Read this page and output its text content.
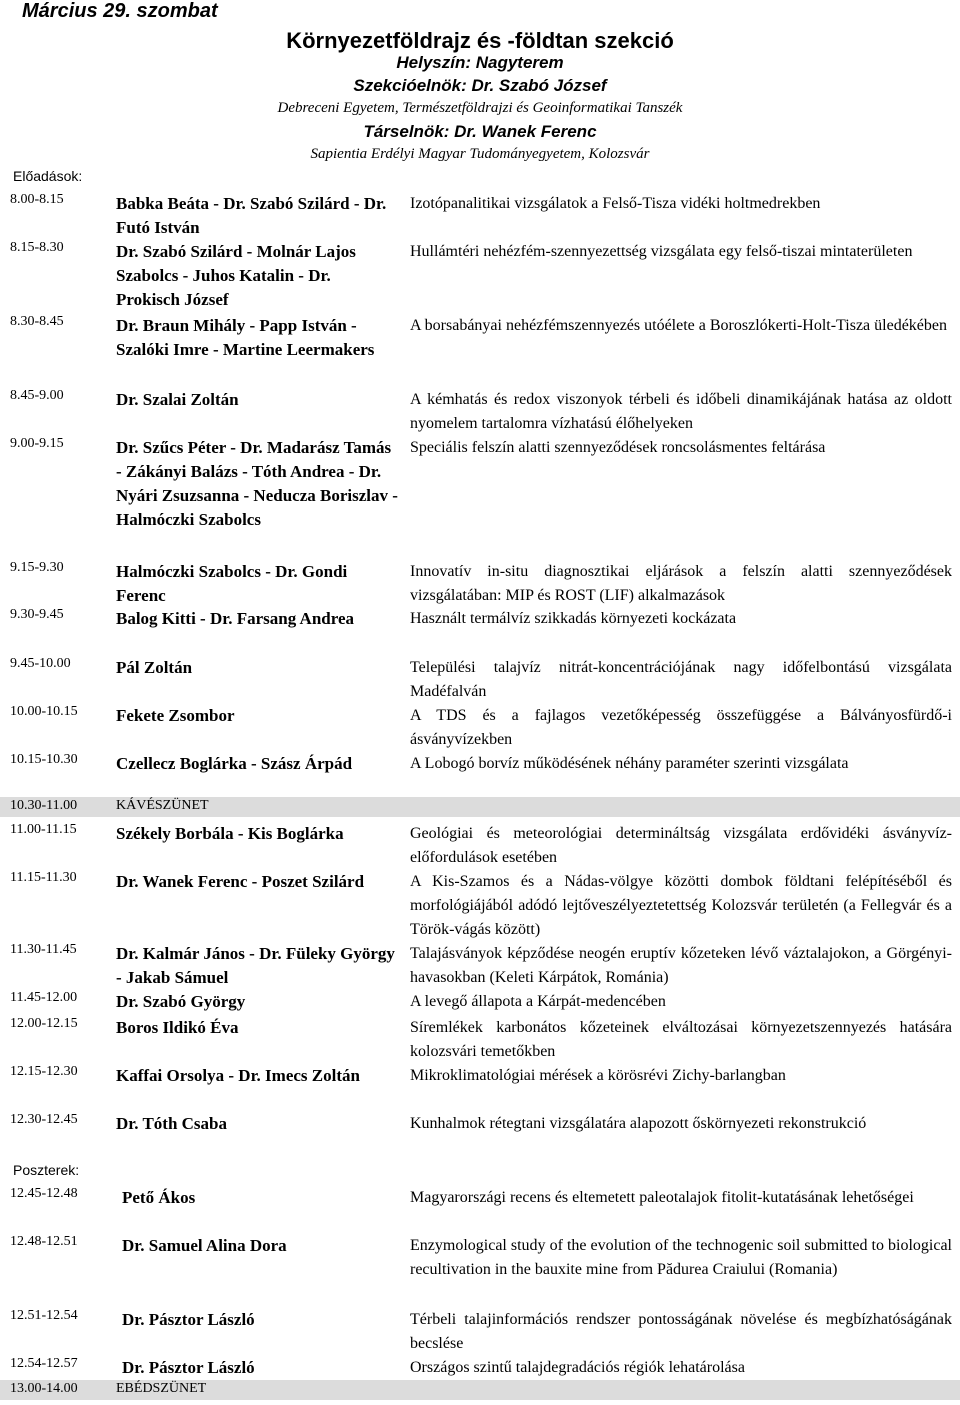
Március 29. szombat
Környezetföldrajz és -földtan szekció
Helyszín: Nagyterem
Szekcióelnök: Dr. Szabó József
Debreceni Egyetem, Természetföldrajzi és Geoinformatikai Tanszék
Társelnök: Dr. Wanek Ferenc
Sapientia Erdélyi Magyar Tudományegyetem, Kolozsvár
Előadások:
Poszterek:
8.00-8.15	Babka Beáta - Dr. Szabó Szilárd - Dr. Futó István
Izotópanalitikai vizsgálatok a Felső-Tisza vidéki holtmedrekben
8.15-8.30	Dr. Szabó Szilárd - Molnár Lajos Szabolcs - Juhos Katalin - Dr. Prokisch József
Hullámtéri nehézfém-szennyezettség vizsgálata egy felső-tiszai mintaterületen
8.30-8.45	Dr. Braun Mihály - Papp István - Szalóki Imre - Martine Leermakers
A borsabányai nehézfémszennyezés utóélete a Boroszlókerti-Holt-Tisza üledékében
8.45-9.00	Dr. Szalai Zoltán	A kémhatás és redox viszonyok térbeli és időbeli dinamikájának hatása az oldott nyomelem tartalomra vízhatású élőhelyeken
9.00-9.15	Dr. Szűcs Péter - Dr. Madarász Tamás - Zákányi Balázs - Tóth Andrea - Dr. Nyári Zsuzsanna - Neducza Boriszlav - Halmóczki Szabolcs
Speciális felszín alatti szennyeződések roncsolásmentes feltárása
9.15-9.30	Halmóczki Szabolcs - Dr. Gondi Ferenc
Innovatív in-situ diagnosztikai eljárások a felszín alatti szennyeződések vizsgálatában: MIP és ROST (LIF) alkalmazások
9.30-9.45	Balog Kitti - Dr. Farsang Andrea	Használt termálvíz szikkadás környezeti kockázata
9.45-10.00	Pál Zoltán	Települési talajvíz nitrát-koncentrációjának nagy időfelbontású vizsgálata Madéfalván
10.00-10.15 Fekete Zsombor	A TDS és a fajlagos vezetőképesség összefüggése a Bálványosfürdő-i ásványvízekben
10.15-10.30 Czellecz Boglárka - Szász Árpád	A Lobogó borvíz működésének néhány paraméter szerinti vizsgálata
10.30-11.00	KÁVÉSZÜNET
11.00-11.15 Székely Borbála - Kis Boglárka	Geológiai és meteorológiai determináltság vizsgálata erdővidéki ásványvíz-előfordulások esetében
11.15-11.30 Dr. Wanek Ferenc - Poszet Szilárd	A Kis-Szamos és a Nádas-völgye közötti dombok földtani felépítéséből és morfológiájából adódó lejtőveszélyeztetettség Kolozsvár területén (a Fellegvár és a Török-vágás között)
11.30-11.45 Dr. Kalmár János - Dr. Füleky György - Jakab Sámuel
Talajásványok képződése neogén eruptív kőzeteken lévő váztalajokon, a Görgényi-havasokban (Keleti Kárpátok, Románia)
11.45-12.00 Dr. Szabó György	A levegő állapota a Kárpát-medencében
12.00-12.15 Boros Ildikó Éva	Síremlékek karbonátos kőzeteinek elváltozásai környezetszennyezés hatására kolozsvári temetőkben
12.15-12.30 Kaffai Orsolya - Dr. Imecs Zoltán	Mikroklimatológiai mérések a körösrévi Zichy-barlangban
12.30-12.45 Dr. Tóth Csaba	Kunhalmok rétegtani vizsgálatára alapozott őskörnyezeti rekonstrukció
12.45-12.48	Pető Ákos	Magyarországi recens és eltemetett paleotalajok fitolit-kutatásának lehetőségei
12.48-12.51	Dr. Samuel Alina Dora	Enzymological study of the evolution of the technogenic soil submitted to biological recultivation in the bauxite mine from Pădurea Craiului (Romania)
12.51-12.54	Dr. Pásztor László	Térbeli talajinformációs rendszer pontosságának növelése és megbízhatóságának becslése
12.54-12.57	Dr. Pásztor László	Országos szintű talajdegradációs régiók lehatárolása
13.00-14.00	EBÉDSZÜNET
